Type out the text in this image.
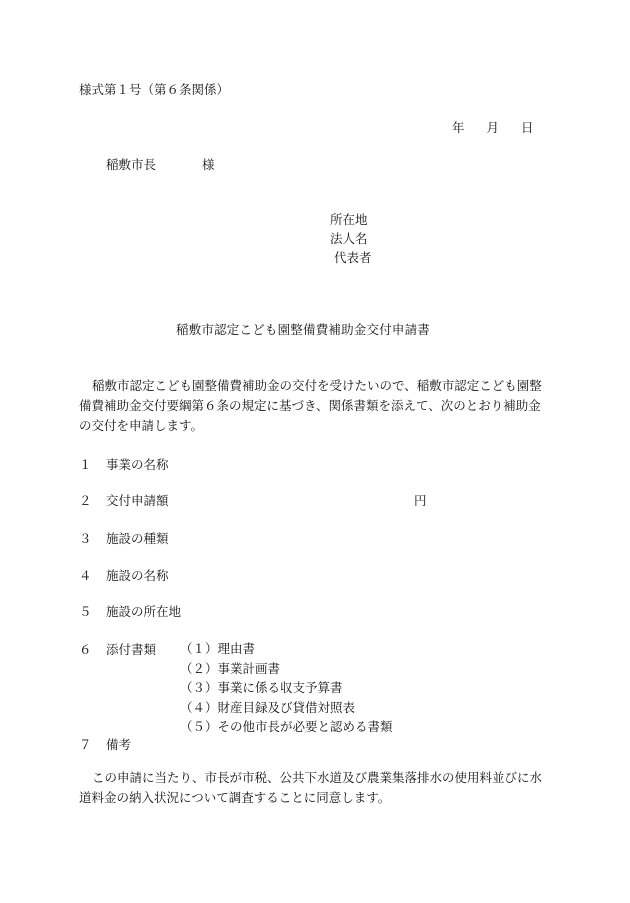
様式第１号（第６条関係）
年 月 日
稲敷市長	様
所在地
法人名
代表者
稲敷市認定こども園整備費補助金交付申請書
稲敷市認定こども園整備費補助金の交付を受けたいので、稲敷市認定こども園整備費補助金交付要綱第６条の規定に基づき、関係書類を添えて、次のとおり補助金の交付を申請します。
１ 事業の名称
２ 交付申請額	円
３ 施設の種類
４ 施設の名称
５ 施設の所在地
６ 添付書類 （１）理由書
（２）事業計画書
（３）事業に係る収支予算書
（４）財産目録及び貸借対照表
（５）その他市長が必要と認める書類
７ 備考
この申請に当たり、市長が市税、公共下水道及び農業集落排水の使用料並びに水道料金の納入状況について調査することに同意します。
